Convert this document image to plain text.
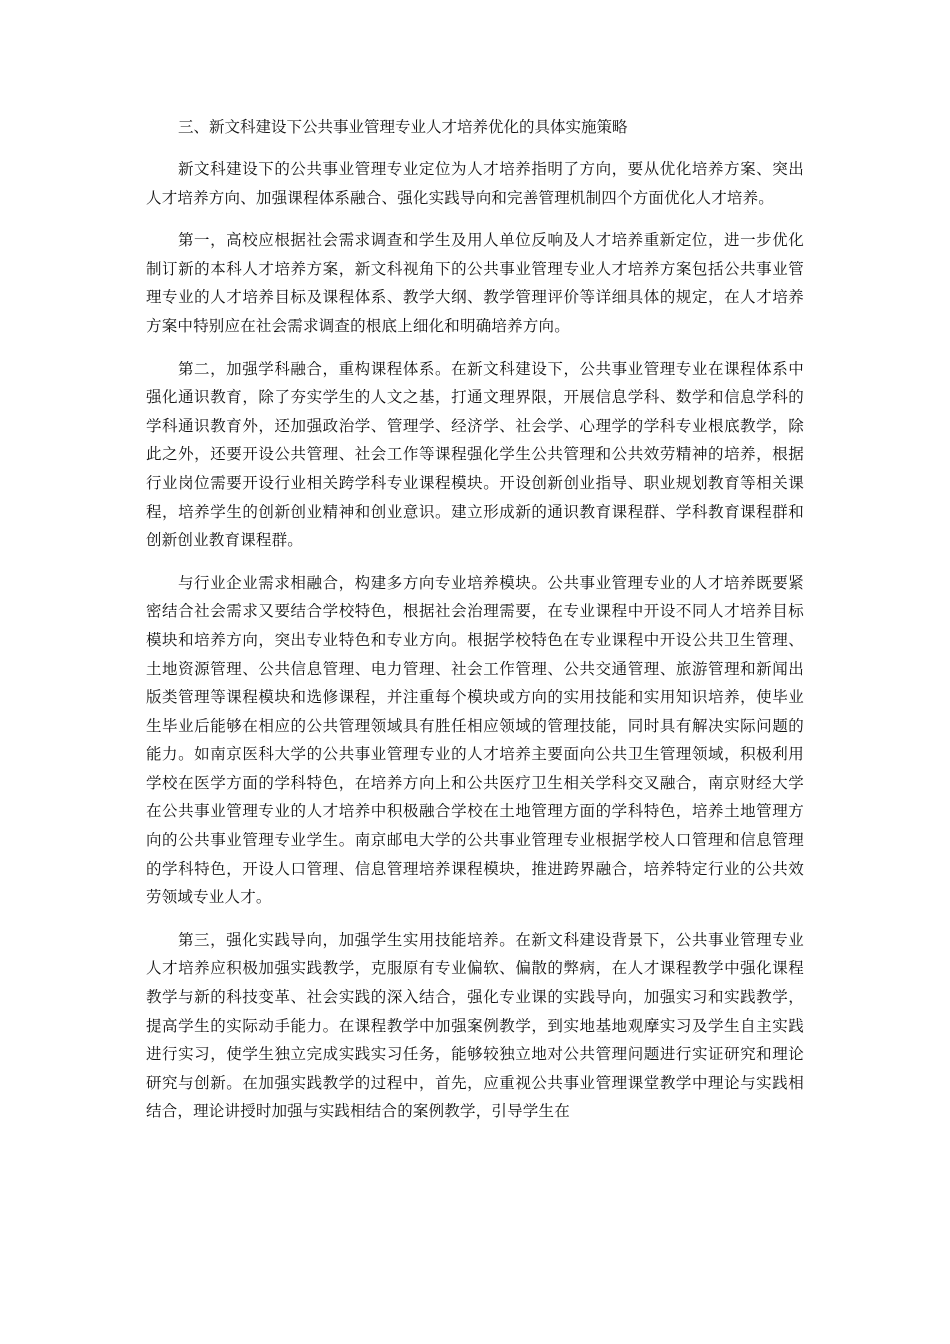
三、新文科建设下公共事业管理专业人才培养优化的具体实施策略

新文科建设下的公共事业管理专业定位为人才培养指明了方向，要从优化培养方案、突出人才培养方向、加强课程体系融合、强化实践导向和完善管理机制四个方面优化人才培养。

第一，高校应根据社会需求调查和学生及用人单位反响及人才培养重新定位，进一步优化制订新的本科人才培养方案，新文科视角下的公共事业管理专业人才培养方案包括公共事业管理专业的人才培养目标及课程体系、教学大纲、教学管理评价等详细具体的规定，在人才培养方案中特别应在社会需求调查的根底上细化和明确培养方向。

第二，加强学科融合，重构课程体系。在新文科建设下，公共事业管理专业在课程体系中强化通识教育，除了夯实学生的人文之基，打通文理界限，开展信息学科、数学和信息学科的学科通识教育外，还加强政治学、管理学、经济学、社会学、心理学的学科专业根底教学，除此之外，还要开设公共管理、社会工作等课程强化学生公共管理和公共效劳精神的培养，根据行业岗位需要开设行业相关跨学科专业课程模块。开设创新创业指导、职业规划教育等相关课程，培养学生的创新创业精神和创业意识。建立形成新的通识教育课程群、学科教育课程群和创新创业教育课程群。

与行业企业需求相融合，构建多方向专业培养模块。公共事业管理专业的人才培养既要紧密结合社会需求又要结合学校特色，根据社会治理需要，在专业课程中开设不同人才培养目标模块和培养方向，突出专业特色和专业方向。根据学校特色在专业课程中开设公共卫生管理、土地资源管理、公共信息管理、电力管理、社会工作管理、公共交通管理、旅游管理和新闻出版类管理等课程模块和选修课程，并注重每个模块或方向的实用技能和实用知识培养，使毕业生毕业后能够在相应的公共管理领域具有胜任相应领域的管理技能，同时具有解决实际问题的能力。如南京医科大学的公共事业管理专业的人才培养主要面向公共卫生管理领域，积极利用学校在医学方面的学科特色，在培养方向上和公共医疗卫生相关学科交叉融合，南京财经大学在公共事业管理专业的人才培养中积极融合学校在土地管理方面的学科特色，培养土地管理方向的公共事业管理专业学生。南京邮电大学的公共事业管理专业根据学校人口管理和信息管理的学科特色，开设人口管理、信息管理培养课程模块，推进跨界融合，培养特定行业的公共效劳领域专业人才。

第三，强化实践导向，加强学生实用技能培养。在新文科建设背景下，公共事业管理专业人才培养应积极加强实践教学，克服原有专业偏软、偏散的弊病，在人才课程教学中强化课程教学与新的科技变革、社会实践的深入结合，强化专业课的实践导向，加强实习和实践教学，提高学生的实际动手能力。在课程教学中加强案例教学，到实地基地观摩实习及学生自主实践进行实习，使学生独立完成实践实习任务，能够较独立地对公共管理问题进行实证研究和理论研究与创新。在加强实践教学的过程中，首先，应重视公共事业管理课堂教学中理论与实践相结合，理论讲授时加强与实践相结合的案例教学，引导学生在
